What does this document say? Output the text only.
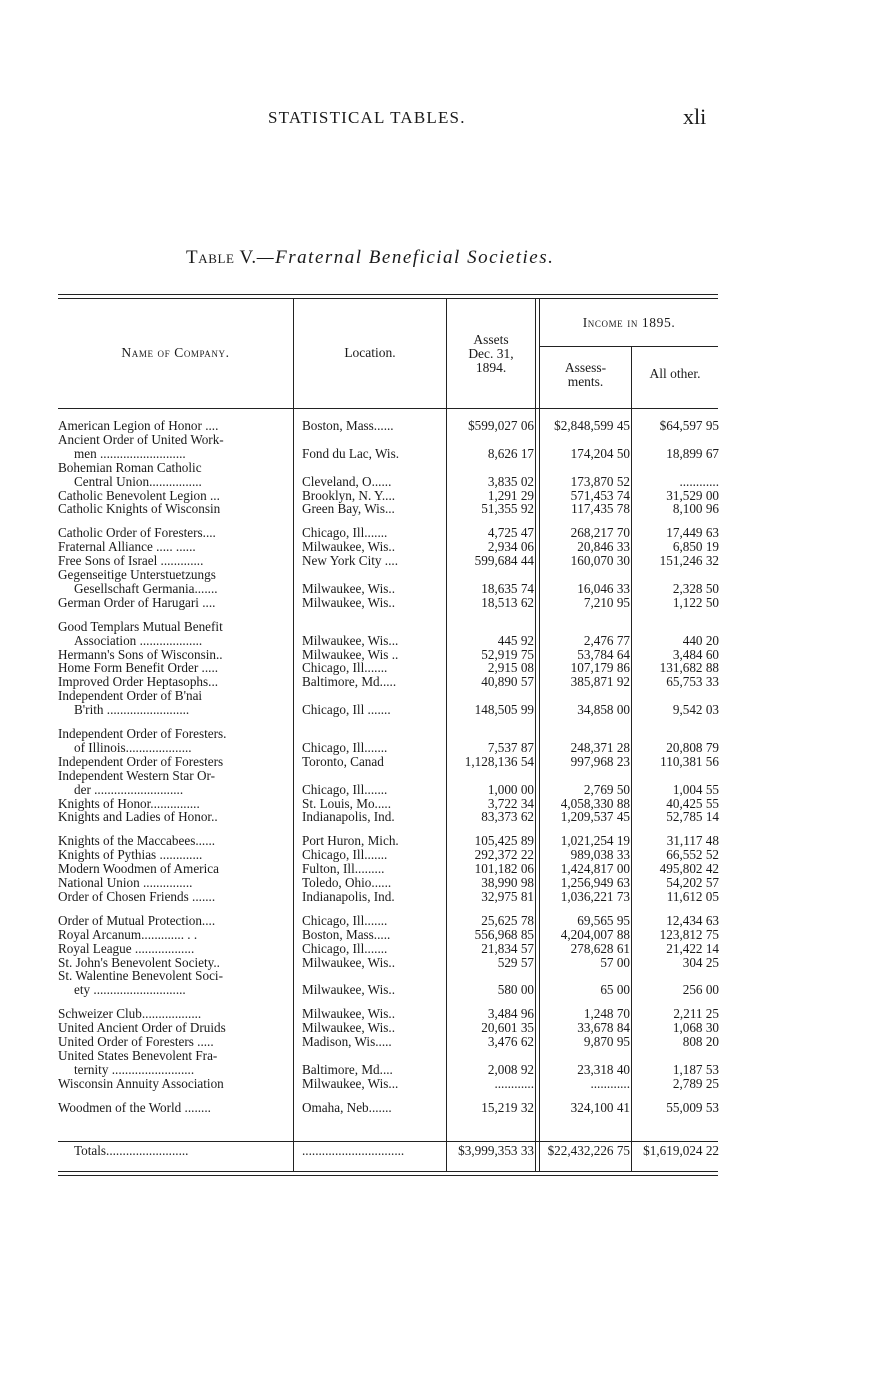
STATISTICAL TABLES.	xli
Table V.—Fraternal Beneficial Societies.
Name of Company.	Location.
Assets
Dec. 31,
1894.
Income in 1895.
Assess-
ments.
All other.
American Legion of Honor ....	Boston, Mass......	$599,027 06	$2,848,599 45	$64,597 95
Ancient Order of United Work-
men ..........................	Fond du Lac, Wis.	8,626 17	174,204 50	18,899 67
Bohemian Roman Catholic
Central Union................	Cleveland, O......	3,835 02	173,870 52	............
Catholic Benevolent Legion ...	Brooklyn, N. Y....	1,291 29	571,453 74	31,529 00
Catholic Knights of Wisconsin	Green Bay, Wis...	51,355 92	117,435 78	8,100 96
Catholic Order of Foresters....	Chicago, Ill.......	4,725 47	268,217 70	17,449 63
Fraternal Alliance ..... ......	Milwaukee, Wis..	2,934 06	20,846 33	6,850 19
Free Sons of Israel .............	New York City ....	599,684 44	160,070 30	151,246 32
Gegenseitige Unterstuetzungs
Gesellschaft Germania.......	Milwaukee, Wis..	18,635 74	16,046 33	2,328 50
German Order of Harugari ....	Milwaukee, Wis..	18,513 62	7,210 95	1,122 50
Good Templars Mutual Benefit
Association ...................	Milwaukee, Wis...	445 92	2,476 77	440 20
Hermann's Sons of Wisconsin..	Milwaukee, Wis ..	52,919 75	53,784 64	3,484 60
Home Form Benefit Order .....	Chicago, Ill.......	2,915 08	107,179 86	131,682 88
Improved Order Heptasophs...	Baltimore, Md.....	40,890 57	385,871 92	65,753 33
Independent Order of B'nai
B'rith .........................	Chicago, Ill .......	148,505 99	34,858 00	9,542 03
Independent Order of Foresters.
of Illinois....................	Chicago, Ill.......	7,537 87	248,371 28	20,808 79
Independent Order of Foresters	Toronto, Canad	1,128,136 54	997,968 23	110,381 56
Independent Western Star Or-
der ...........................	Chicago, Ill.......	1,000 00	2,769 50	1,004 55
Knights of Honor...............	St. Louis, Mo.....	3,722 34	4,058,330 88	40,425 55
Knights and Ladies of Honor..	Indianapolis, Ind.	83,373 62	1,209,537 45	52,785 14
Knights of the Maccabees......	Port Huron, Mich.	105,425 89	1,021,254 19	31,117 48
Knights of Pythias .............	Chicago, Ill.......	292,372 22	989,038 33	66,552 52
Modern Woodmen of America	Fulton, Ill.........	101,182 06	1,424,817 00	495,802 42
National Union ...............	Toledo, Ohio......	38,990 98	1,256,949 63	54,202 57
Order of Chosen Friends .......	Indianapolis, Ind.	32,975 81	1,036,221 73	11,612 05
Order of Mutual Protection....	Chicago, Ill.......	25,625 78	69,565 95	12,434 63
Royal Arcanum............. . .	Boston, Mass.....	556,968 85	4,204,007 88	123,812 75
Royal League ..................	Chicago, Ill.......	21,834 57	278,628 61	21,422 14
St. John's Benevolent Society..	Milwaukee, Wis..	529 57	57 00	304 25
St. Walentine Benevolent Soci-
ety ............................	Milwaukee, Wis..	580 00	65 00	256 00
Schweizer Club..................	Milwaukee, Wis..	3,484 96	1,248 70	2,211 25
United Ancient Order of Druids	Milwaukee, Wis..	20,601 35	33,678 84	1,068 30
United Order of Foresters .....	Madison, Wis.....	3,476 62	9,870 95	808 20
United States Benevolent Fra-
ternity .........................	Baltimore, Md....	2,008 92	23,318 40	1,187 53
Wisconsin Annuity Association	Milwaukee, Wis...	............	............	2,789 25
Woodmen of the World ........	Omaha, Neb.......	15,219 32	324,100 41	55,009 53
Totals.........................	...............................	$3,999,353 33	$22,432,226 75 $1,619,024 22
